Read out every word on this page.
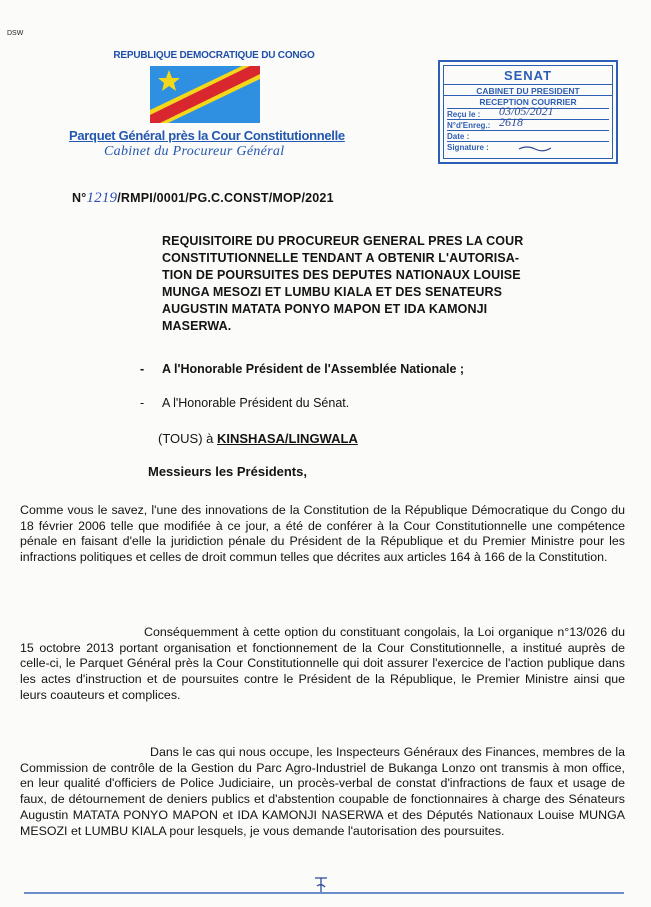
DSW
REPUBLIQUE DEMOCRATIQUE DU CONGO
Parquet Général près la Cour Constitutionnelle
Cabinet du Procureur Général
SENAT
CABINET DU PRESIDENT
RECEPTION COURRIER
Reçu le : 03/05/2021
N°d'Enreg.: 2618
Date :
Signature :
N°1219/RMPI/0001/PG.C.CONST/MOP/2021
REQUISITOIRE DU PROCUREUR GENERAL PRES LA COUR
CONSTITUTIONNELLE TENDANT A OBTENIR L'AUTORISA-
TION DE POURSUITES DES DEPUTES NATIONAUX LOUISE
MUNGA MESOZI ET LUMBU KIALA ET DES SENATEURS
AUGUSTIN MATATA PONYO MAPON ET IDA KAMONJI
MASERWA.
- A l'Honorable Président de l'Assemblée Nationale ;
- A l'Honorable Président du Sénat.
(TOUS) à KINSHASA/LINGWALA
Messieurs les Présidents,
Comme vous le savez, l'une des innovations de la Constitution de la République Démocratique du Congo du 18 février 2006 telle que modifiée à ce jour, a été de conférer à la Cour Constitutionnelle une compétence pénale en faisant d'elle la juridiction pénale du Président de la République et du Premier Ministre pour les infractions politiques et celles de droit commun telles que décrites aux articles 164 à 166 de la Constitution.
Conséquemment à cette option du constituant congolais, la Loi organique n°13/026 du 15 octobre 2013 portant organisation et fonctionnement de la Cour Constitutionnelle, a institué auprès de celle-ci, le Parquet Général près la Cour Constitutionnelle qui doit assurer l'exercice de l'action publique dans les actes d'instruction et de poursuites contre le Président de la République, le Premier Ministre ainsi que leurs coauteurs et complices.
Dans le cas qui nous occupe, les Inspecteurs Généraux des Finances, membres de la Commission de contrôle de la Gestion du Parc Agro-Industriel de Bukanga Lonzo ont transmis à mon office, en leur qualité d'officiers de Police Judiciaire, un procès-verbal de constat d'infractions de faux et usage de faux, de détournement de deniers publics et d'abstention coupable de fonctionnaires à charge des Sénateurs Augustin MATATA PONYO MAPON et IDA KAMONJI NASERWA et des Députés Nationaux Louise MUNGA MESOZI et LUMBU KIALA pour lesquels, je vous demande l'autorisation des poursuites.
